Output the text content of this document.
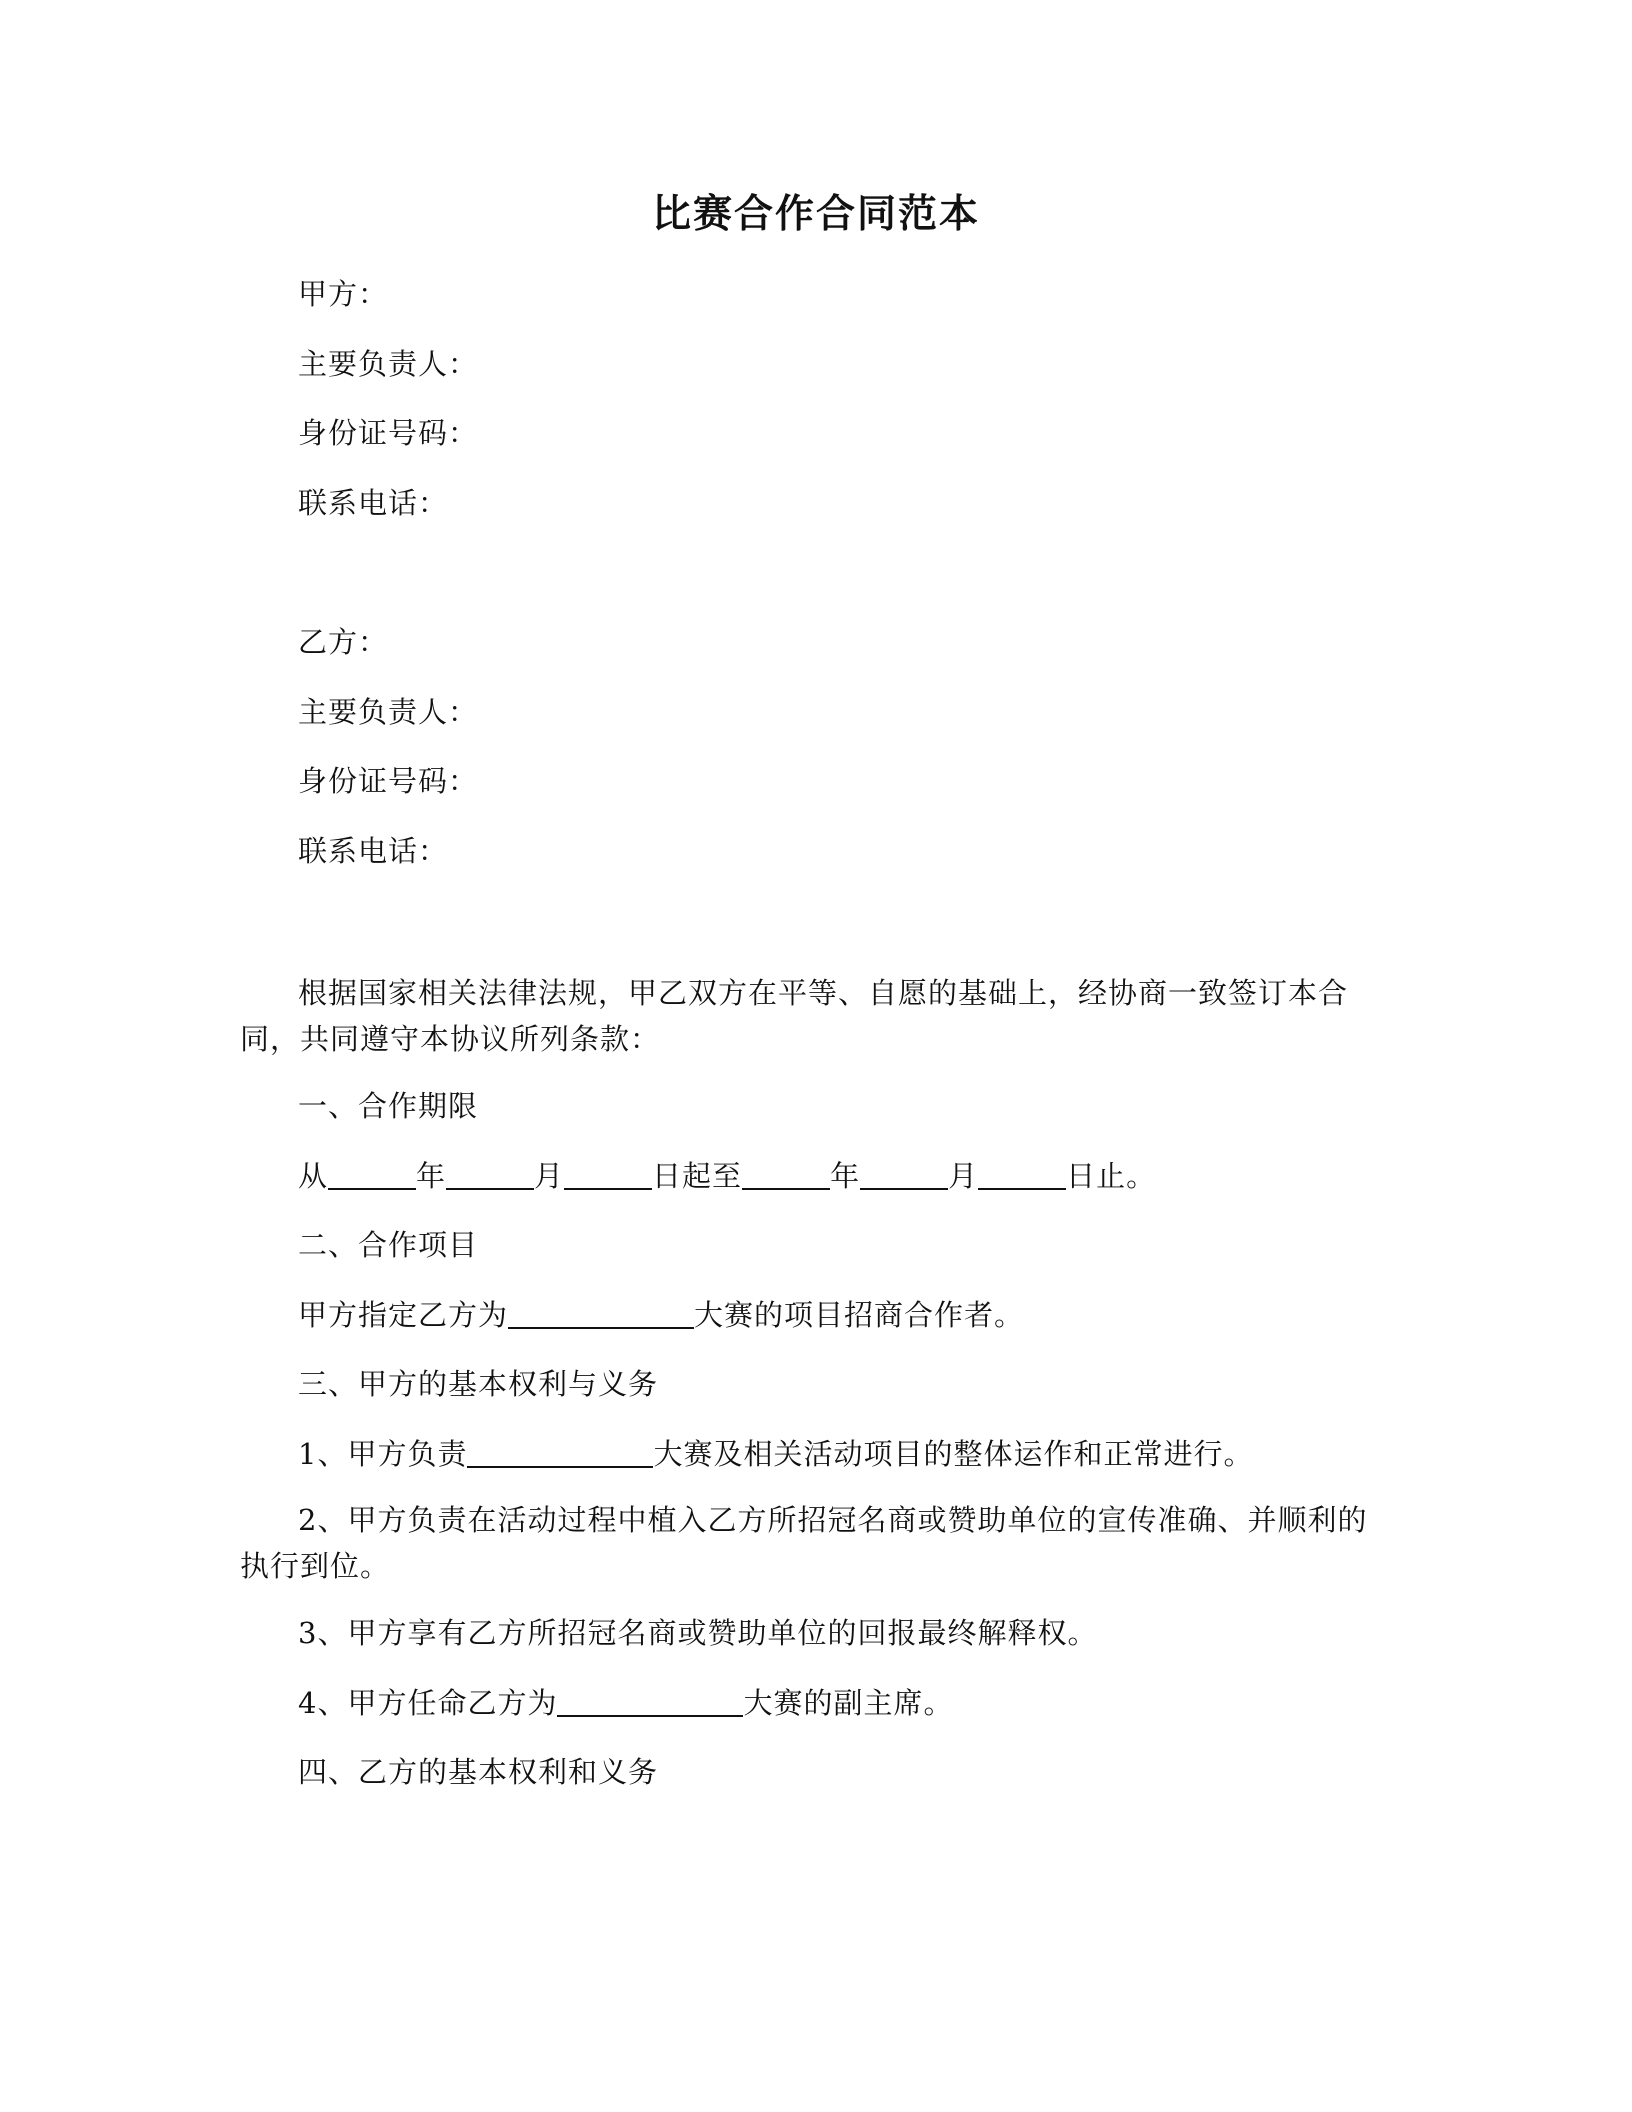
比赛合作合同范本
甲方：
主要负责人：
身份证号码：
联系电话：
乙方：
主要负责人：
身份证号码：
联系电话：
根据国家相关法律法规，甲乙双方在平等、自愿的基础上，经协商一致签订本合同，共同遵守本协议所列条款：
一、合作期限
从	年	月	日起至	年	月	日止。
二、合作项目
甲方指定乙方为	大赛的项目招商合作者。
三、甲方的基本权利与义务
1、甲方负责	大赛及相关活动项目的整体运作和正常进行。
2、甲方负责在活动过程中植入乙方所招冠名商或赞助单位的宣传准确、并顺利的执行到位。
3、甲方享有乙方所招冠名商或赞助单位的回报最终解释权。
4、甲方任命乙方为	大赛的副主席。
四、乙方的基本权利和义务
